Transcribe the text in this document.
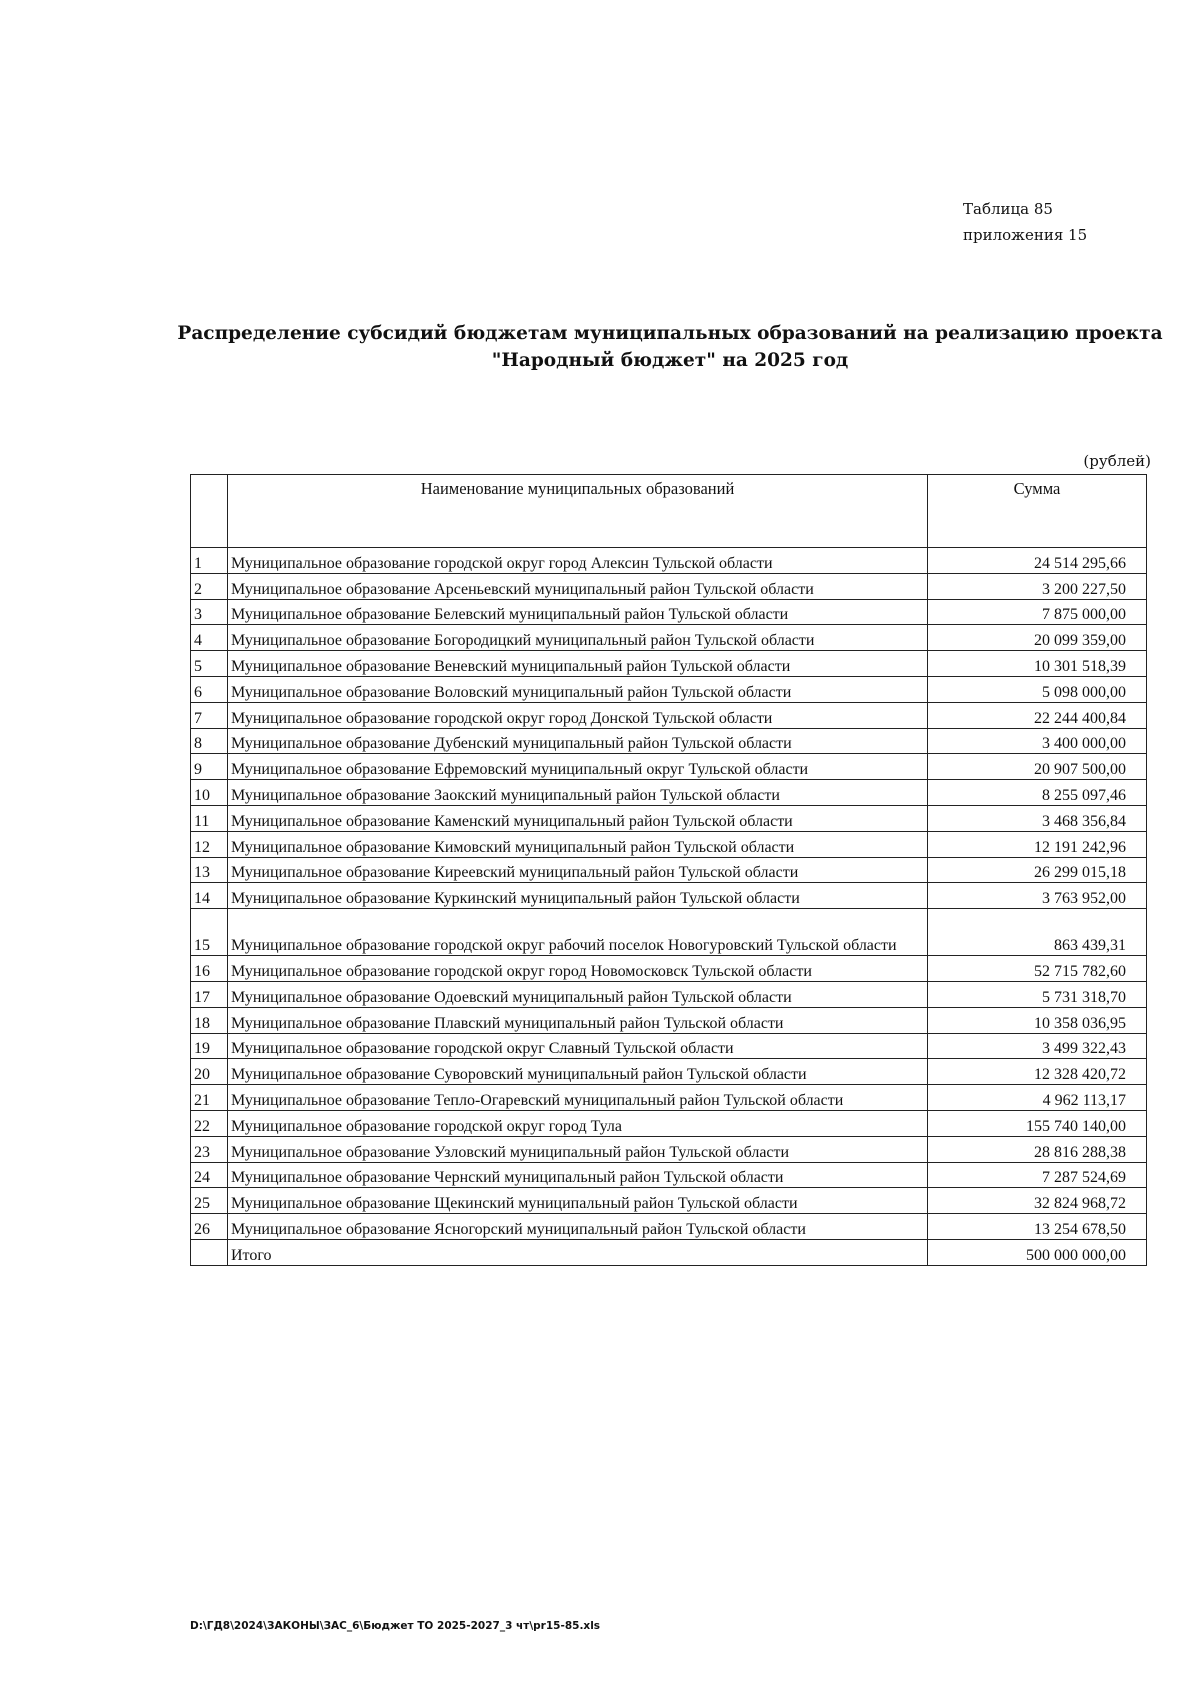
Таблица 85
приложения 15
Распределение субсидий бюджетам муниципальных образований на реализацию проекта
"Народный бюджет" на 2025 год
(рублей)
	Наименование муниципальных образований	Сумма
1	Муниципальное образование городской округ город Алексин Тульской области	24 514 295,66
2	Муниципальное образование Арсеньевский муниципальный район Тульской области	3 200 227,50
3	Муниципальное образование Белевский муниципальный район Тульской области	7 875 000,00
4	Муниципальное образование Богородицкий муниципальный район Тульской области	20 099 359,00
5	Муниципальное образование Веневский муниципальный район Тульской области	10 301 518,39
6	Муниципальное образование Воловский муниципальный район Тульской области	5 098 000,00
7	Муниципальное образование городской округ город Донской Тульской области	22 244 400,84
8	Муниципальное образование Дубенский муниципальный район Тульской области	3 400 000,00
9	Муниципальное образование Ефремовский муниципальный округ Тульской области	20 907 500,00
10	Муниципальное образование Заокский муниципальный район Тульской области	8 255 097,46
11	Муниципальное образование Каменский муниципальный район Тульской области	3 468 356,84
12	Муниципальное образование Кимовский муниципальный район Тульской области	12 191 242,96
13	Муниципальное образование Киреевский муниципальный район Тульской области	26 299 015,18
14	Муниципальное образование Куркинский муниципальный район Тульской области	3 763 952,00
15	Муниципальное образование городской округ рабочий поселок Новогуровский Тульской области	863 439,31
16	Муниципальное образование городской округ город Новомосковск Тульской области	52 715 782,60
17	Муниципальное образование Одоевский муниципальный район Тульской области	5 731 318,70
18	Муниципальное образование Плавский муниципальный район Тульской области	10 358 036,95
19	Муниципальное образование городской округ Славный Тульской области	3 499 322,43
20	Муниципальное образование Суворовский муниципальный район Тульской области	12 328 420,72
21	Муниципальное образование Тепло-Огаревский муниципальный район Тульской области	4 962 113,17
22	Муниципальное образование городской округ город Тула	155 740 140,00
23	Муниципальное образование Узловский муниципальный район Тульской области	28 816 288,38
24	Муниципальное образование Чернский муниципальный район Тульской области	7 287 524,69
25	Муниципальное образование Щекинский муниципальный район Тульской области	32 824 968,72
26	Муниципальное образование Ясногорский муниципальный район Тульской области	13 254 678,50
	Итого	500 000 000,00
D:\ГД8\2024\ЗАКОНЫ\ЗАС_6\Бюджет ТО 2025-2027_3 чт\pr15-85.xls
